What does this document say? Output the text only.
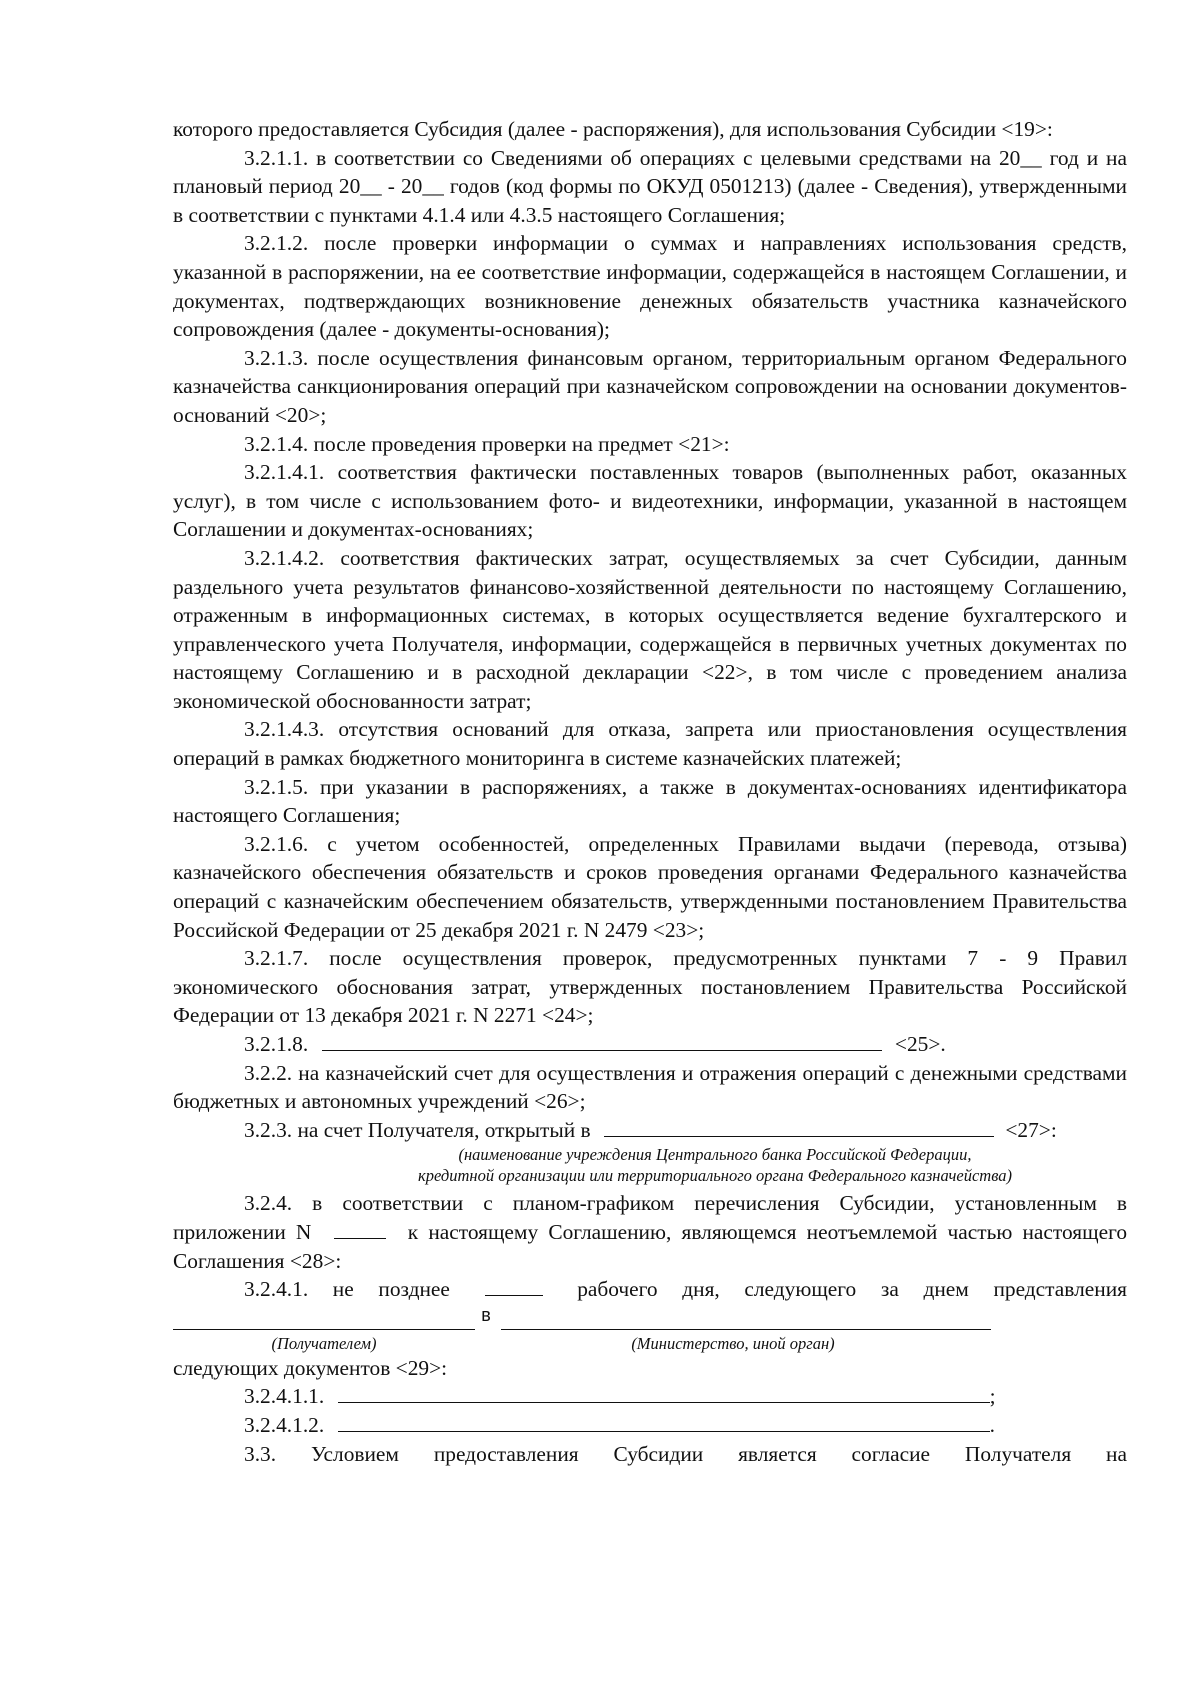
которого предоставляется Субсидия (далее - распоряжения), для использования Субсидии <19>:

3.2.1.1. в соответствии со Сведениями об операциях с целевыми средствами на 20__ год и на плановый период 20__ - 20__ годов (код формы по ОКУД 0501213) (далее - Сведения), утвержденными в соответствии с пунктами 4.1.4 или 4.3.5 настоящего Соглашения;

3.2.1.2. после проверки информации о суммах и направлениях использования средств, указанной в распоряжении, на ее соответствие информации, содержащейся в настоящем Соглашении, и документах, подтверждающих возникновение денежных обязательств участника казначейского сопровождения (далее - документы-основания);

3.2.1.3. после осуществления финансовым органом, территориальным органом Федерального казначейства санкционирования операций при казначейском сопровождении на основании документов-оснований <20>;

3.2.1.4. после проведения проверки на предмет <21>:

3.2.1.4.1. соответствия фактически поставленных товаров (выполненных работ, оказанных услуг), в том числе с использованием фото- и видеотехники, информации, указанной в настоящем Соглашении и документах-основаниях;

3.2.1.4.2. соответствия фактических затрат, осуществляемых за счет Субсидии, данным раздельного учета результатов финансово-хозяйственной деятельности по настоящему Соглашению, отраженным в информационных системах, в которых осуществляется ведение бухгалтерского и управленческого учета Получателя, информации, содержащейся в первичных учетных документах по настоящему Соглашению и в расходной декларации <22>, в том числе с проведением анализа экономической обоснованности затрат;

3.2.1.4.3. отсутствия оснований для отказа, запрета или приостановления осуществления операций в рамках бюджетного мониторинга в системе казначейских платежей;

3.2.1.5. при указании в распоряжениях, а также в документах-основаниях идентификатора настоящего Соглашения;

3.2.1.6. с учетом особенностей, определенных Правилами выдачи (перевода, отзыва) казначейского обеспечения обязательств и сроков проведения органами Федерального казначейства операций с казначейским обеспечением обязательств, утвержденными постановлением Правительства Российской Федерации от 25 декабря 2021 г. N 2479 <23>;

3.2.1.7. после осуществления проверок, предусмотренных пунктами 7 - 9 Правил экономического обоснования затрат, утвержденных постановлением Правительства Российской Федерации от 13 декабря 2021 г. N 2271 <24>;

3.2.1.8.	<25>.

3.2.2. на казначейский счет для осуществления и отражения операций с денежными средствами бюджетных и автономных учреждений <26>;

3.2.3. на счет Получателя, открытый в	<27>:

(наименование учреждения Центрального банка Российской Федерации,
кредитной организации или территориального органа Федерального казначейства)

3.2.4. в соответствии с планом-графиком перечисления Субсидии, установленным в приложении N	к настоящему Соглашению, являющемся неотъемлемой частью настоящего Соглашения <28>:

3.2.4.1. не позднее	рабочего дня, следующего за днем представления

в
(Получателем)	(Министерство, иной орган)

следующих документов <29>:

3.2.4.1.1.	;

3.2.4.1.2.	.

3.3. Условием предоставления Субсидии является согласие Получателя на
